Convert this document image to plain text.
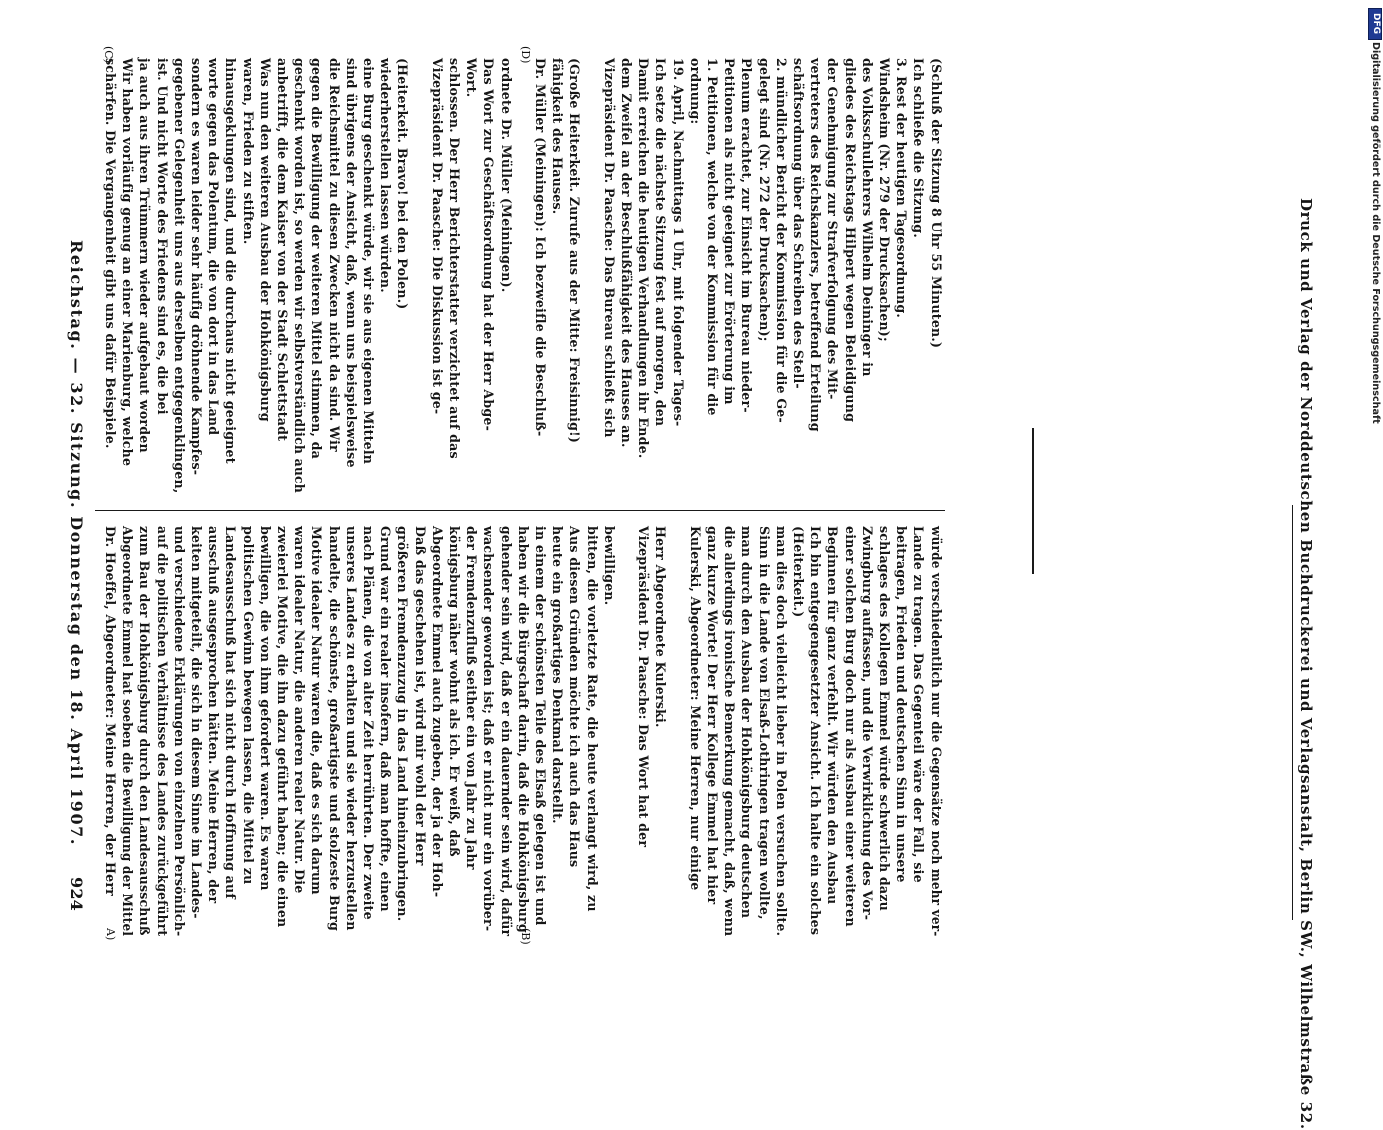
924
Reichstag. — 32. Sitzung. Donnerstag den 18. April 1907.
A)	(B)
(C)	(D)
Dr. Hoeffel, Abgeordneter: Meine Herren, der Herr Abgeordnete Emmel hat soeben die Bewilligung der Mittel zum Bau der Hohkönigsburg durch den Landesausschuß auf die politischen Verhältnisse des Landes zurückgeführt und verschiedene Erklärungen von einzelnen Persönlich- keiten mitgeteilt, die sich in diesem Sinne im Landes- ausschuß ausgesprochen hätten. Meine Herren, der Landesausschuß hat sich nicht durch Hoffnung auf politischen Gewinn bewegen lassen, die Mittel zu bewilligen, die von ihm gefordert waren. Es waren zweierlei Motive, die ihn dazu geführt haben; die einen waren idealer Natur, die anderen realer Natur. Die Motive idealer Natur waren die, daß es sich darum handelte, die schönste, großartigste und stolzeste Burg unseres Landes zu erhalten und sie wieder herzustellen nach Plänen, die von alter Zeit herrührten. Der zweite Grund war ein realer insofern, daß man hoffte, einen größeren Fremdenzuzug in das Land hineinzubringen. Daß das geschehen ist, wird mir wohl der Herr Abgeordnete Emmel auch zugeben, der ja der Hoh- königsburg näher wohnt als ich. Er weiß, daß der Fremdenzufluß seither ein von Jahr zu Jahr wachsender geworden ist; daß er nicht nur ein vorüber- gehender sein wird, daß er ein dauernder sein wird, dafür haben wir die Bürgschaft darin, daß die Hohkönigsburg in einem der schönsten Teile des Elsaß gelegen ist und heute ein großartiges Denkmal darstellt. Aus diesen Gründen möchte ich auch das Haus bitten, die vorletzte Rate, die heute verlangt wird, zu bewilligen. Vizepräsident Dr. Paasche: Das Wort hat der Herr Abgeordnete Kulerski. Kulerski, Abgeordneter: Meine Herren, nur einige ganz kurze Worte! Der Herr Kollege Emmel hat hier die allerdings ironische Bemerkung gemacht, daß, wenn man durch den Ausbau der Hohkönigsburg deutschen Sinn in die Lande von Elsaß-Lothringen tragen wollte, man dies doch vielleicht lieber in Polen versuchen sollte. (Heiterkeit.) Ich bin entgegengesetzter Ansicht. Ich halte ein solches Beginnen für ganz verfehlt. Wir würden den Ausbau einer solchen Burg doch nur als Ausbau einer weiteren Zwingburg auffassen, und die Verwirklichung des Vor- schlages des Kollegen Emmel würde schwerlich dazu beitragen, Frieden und deutschen Sinn in unsere Lande zu tragen. Das Gegenteil wäre der Fall, sie würde verschiedentlich nur die Gegensätze noch mehr ver-
schärfen. Die Vergangenheit gibt uns dafür Beispiele. Wir haben vorläufig genug an einer Marienburg, welche ja auch aus ihren Trümmern wieder aufgebaut worden ist. Und nicht Worte des Friedens sind es, die bei gegebener Gelegenheit uns aus derselben entgegenklingen, sondern es waren leider sehr häufig dröhnende Kampfes- worte gegen das Polentum, die von dort in das Land hinausgeklungen sind, und die durchaus nicht geeignet waren, Frieden zu stiften. Was nun den weiteren Ausbau der Hohkönigsburg anbetrifft, die dem Kaiser von der Stadt Schlettstadt geschenkt worden ist, so werden wir selbstverständlich auch gegen die Bewilligung der weiteren Mittel stimmen, da die Reichsmittel zu diesen Zwecken nicht da sind. Wir sind übrigens der Ansicht, daß, wenn uns beispielsweise eine Burg geschenkt würde, wir sie aus eigenen Mitteln wiederherstellen lassen würden. (Heiterkeit. Bravo! bei den Polen.) Vizepräsident Dr. Paasche: Die Diskussion ist ge- schlossen. Der Herr Berichterstatter verzichtet auf das Wort. Das Wort zur Geschäftsordnung hat der Herr Abge- ordnete Dr. Müller (Meiningen). Dr. Müller (Meiningen): Ich bezweifle die Beschluß- fähigkeit des Hauses. (Große Heiterkeit. Zurufe aus der Mitte: Freisinnig!) Vizepräsident Dr. Paasche: Das Bureau schließt sich dem Zweifel an der Beschlußfähigkeit des Hauses an. Damit erreichen die heutigen Verhandlungen ihr Ende. Ich setze die nächste Sitzung fest auf morgen, den 19. April, Nachmittags 1 Uhr, mit folgender Tages- ordnung: 1. Petitionen, welche von der Kommission für die Petitionen als nicht geeignet zur Erörterung im Plenum erachtet, zur Einsicht im Bureau nieder- gelegt sind (Nr. 272 der Drucksachen); 2. mündlicher Bericht der Kommission für die Ge- schäftsordnung über das Schreiben des Stell- vertreters des Reichskanzlers, betreffend Erteilung der Genehmigung zur Strafverfolgung des Mit- gliedes des Reichstags Hilpert wegen Beleidigung des Volksschullehrers Wilhelm Deininger in Windsheim (Nr. 279 der Drucksachen); 3. Rest der heutigen Tagesordnung. Ich schließe die Sitzung. (Schluß der Sitzung 8 Uhr 55 Minuten.)	Druck und Verlag der Norddeutschen Buchdruckerei und Verlagsanstalt, Berlin SW., Wilhelmstraße 32.
DFG
Digitalisierung gefördert durch die Deutsche Forschungsgemeinschaft
